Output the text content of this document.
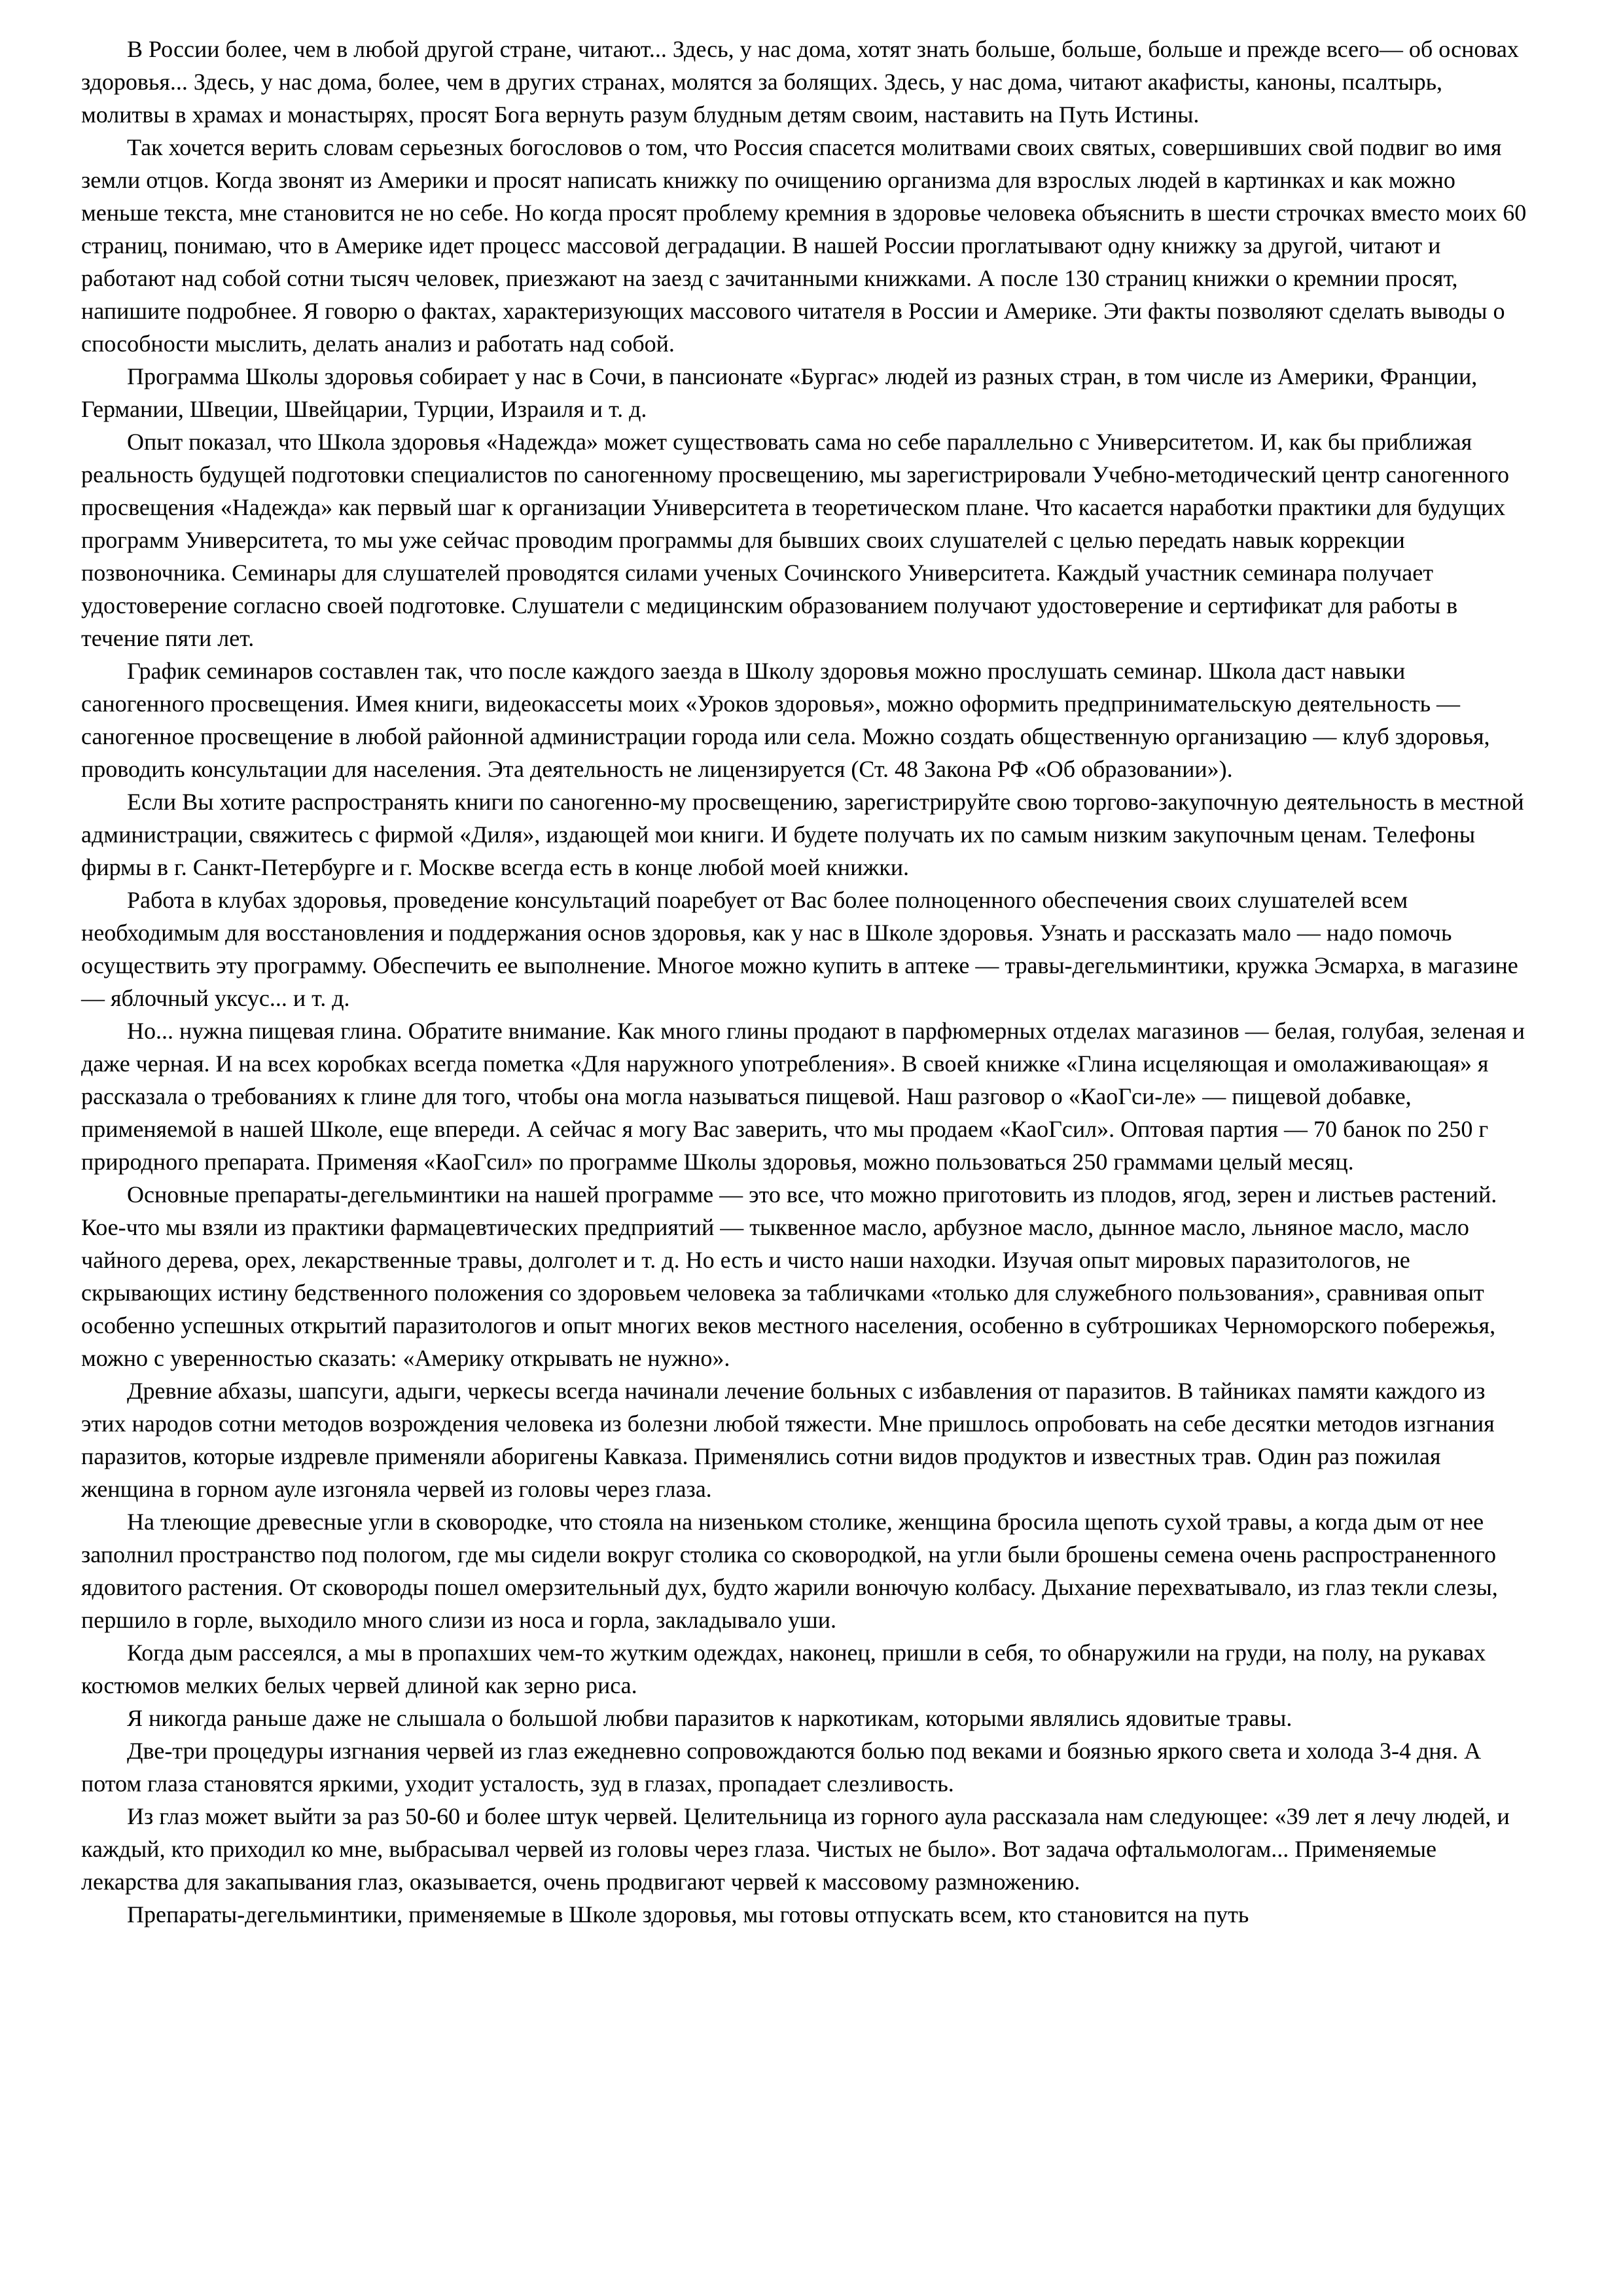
В России более, чем в любой другой стране, читают... Здесь, у нас дома, хотят знать больше, больше, больше и прежде всего— об основах здоровья... Здесь, у нас дома, более, чем в других странах, молятся за болящих. Здесь, у нас дома, читают акафисты, каноны, псалтырь, молитвы в храмах и монастырях, просят Бога вернуть разум блудным детям своим, наставить на Путь Истины.

Так хочется верить словам серьезных богословов о том, что Россия спасется молитвами своих святых, совершивших свой подвиг во имя земли отцов. Когда звонят из Америки и просят написать книжку по очищению организма для взрослых людей в картинках и как можно меньше текста, мне становится не но себе. Но когда просят проблему кремния в здоровье человека объяснить в шести строчках вместо моих 60 страниц, понимаю, что в Америке идет процесс массовой деградации. В нашей России проглатывают одну книжку за другой, читают и работают над собой сотни тысяч человек, приезжают на заезд с зачитанными книжками. А после 130 страниц книжки о кремнии просят, напишите подробнее. Я говорю о фактах, характеризующих массового читателя в России и Америке. Эти факты позволяют сделать выводы о способности мыслить, делать анализ и работать над собой.

Программа Школы здоровья собирает у нас в Сочи, в пансионате «Бургас» людей из разных стран, в том числе из Америки, Франции, Германии, Швеции, Швейцарии, Турции, Израиля и т. д.

Опыт показал, что Школа здоровья «Надежда» может существовать сама но себе параллельно с Университетом. И, как бы приближая реальность будущей подготовки специалистов по саногенному просвещению, мы зарегистрировали Учебно-методический центр саногенного просвещения «Надежда» как первый шаг к организации Университета в теоретическом плане. Что касается наработки практики для будущих программ Университета, то мы уже сейчас проводим программы для бывших своих слушателей с целью передать навык коррекции позвоночника. Семинары для слушателей проводятся силами ученых Сочинского Университета. Каждый участник семинара получает удостоверение согласно своей подготовке. Слушатели с медицинским образованием получают удостоверение и сертификат для работы в течение пяти лет.

График семинаров составлен так, что после каждого заезда в Школу здоровья можно прослушать семинар. Школа даст навыки саногенного просвещения. Имея книги, видеокассеты моих «Уроков здоровья», можно оформить предпринимательскую деятельность — саногенное просвещение в любой районной администрации города или села. Можно создать общественную организацию — клуб здоровья, проводить консультации для населения. Эта деятельность не лицензируется (Ст. 48 Закона РФ «Об образовании»).

Если Вы хотите распространять книги по саногенно-му просвещению, зарегистрируйте свою торгово-закупочную деятельность в местной администрации, свяжитесь с фирмой «Диля», издающей мои книги. И будете получать их по самым низким закупочным ценам. Телефоны фирмы в г. Санкт-Петербурге и г. Москве всегда есть в конце любой моей книжки.

Работа в клубах здоровья, проведение консультаций поаребует от Вас более полноценного обеспечения своих слушателей всем необходимым для восстановления и поддержания основ здоровья, как у нас в Школе здоровья. Узнать и рассказать мало — надо помочь осуществить эту программу. Обеспечить ее выполнение. Многое можно купить в аптеке — травы-дегельминтики, кружка Эсмарха, в магазине — яблочный уксус... и т. д.

Но... нужна пищевая глина. Обратите внимание. Как много глины продают в парфюмерных отделах магазинов — белая, голубая, зеленая и даже черная. И на всех коробках всегда пометка «Для наружного употребления». В своей книжке «Глина исцеляющая и омолаживающая» я рассказала о требованиях к глине для того, чтобы она могла называться пищевой. Наш разговор о «КаоГси-ле» — пищевой добавке, применяемой в нашей Школе, еще впереди. А сейчас я могу Вас заверить, что мы продаем «КаоГсил». Оптовая партия — 70 банок по 250 г природного препарата. Применяя «КаоГсил» по программе Школы здоровья, можно пользоваться 250 граммами целый месяц.

Основные препараты-дегельминтики на нашей программе — это все, что можно приготовить из плодов, ягод, зерен и листьев растений. Кое-что мы взяли из практики фармацевтических предприятий — тыквенное масло, арбузное масло, дынное масло, льняное масло, масло чайного дерева, орех, лекарственные травы, долголет и т. д. Но есть и чисто наши находки. Изучая опыт мировых паразитологов, не скрывающих истину бедственного положения со здоровьем человека за табличками «только для служебного пользования», сравнивая опыт особенно успешных открытий паразитологов и опыт многих веков местного населения, особенно в субтрошиках Черноморского побережья, можно с уверенностью сказать: «Америку открывать не нужно».

Древние абхазы, шапсуги, адыги, черкесы всегда начинали лечение больных с избавления от паразитов. В тайниках памяти каждого из этих народов сотни методов возрождения человека из болезни любой тяжести. Мне пришлось опробовать на себе десятки методов изгнания паразитов, которые издревле применяли аборигены Кавказа. Применялись сотни видов продуктов и известных трав. Один раз пожилая женщина в горном ауле изгоняла червей из головы через глаза.

На тлеющие древесные угли в сковородке, что стояла на низеньком столике, женщина бросила щепоть сухой травы, а когда дым от нее заполнил пространство под пологом, где мы сидели вокруг столика со сковородкой, на угли были брошены семена очень распространенного ядовитого растения. От сковороды пошел омерзительный дух, будто жарили вонючую колбасу. Дыхание перехватывало, из глаз текли слезы, першило в горле, выходило много слизи из носа и горла, закладывало уши.

Когда дым рассеялся, а мы в пропахших чем-то жутким одеждах, наконец, пришли в себя, то обнаружили на груди, на полу, на рукавах костюмов мелких белых червей длиной как зерно риса.

Я никогда раньше даже не слышала о большой любви паразитов к наркотикам, которыми являлись ядовитые травы.

Две-три процедуры изгнания червей из глаз ежедневно сопровождаются болью под веками и боязнью яркого света и холода 3-4 дня. А потом глаза становятся яркими, уходит усталость, зуд в глазах, пропадает слезливость.

Из глаз может выйти за раз 50-60 и более штук червей. Целительница из горного аула рассказала нам следующее: «39 лет я лечу людей, и каждый, кто приходил ко мне, выбрасывал червей из головы через глаза. Чистых не было». Вот задача офтальмологам... Применяемые лекарства для закапывания глаз, оказывается, очень продвигают червей к массовому размножению.

Препараты-дегельминтики, применяемые в Школе здоровья, мы готовы отпускать всем, кто становится на путь
